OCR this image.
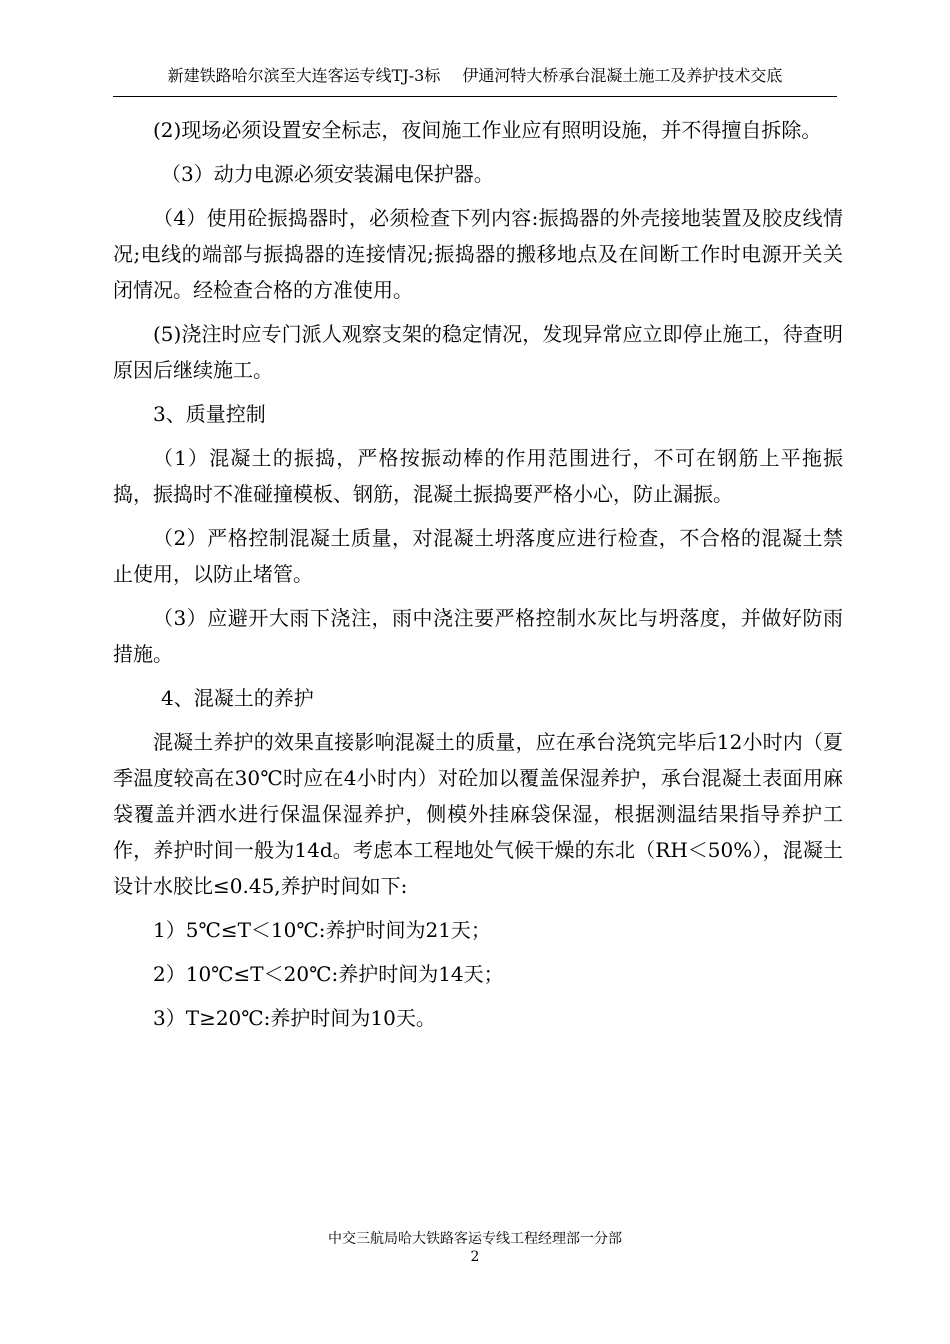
新建铁路哈尔滨至大连客运专线TJ-3标 伊通河特大桥承台混凝土施工及养护技术交底

(2)现场必须设置安全标志，夜间施工作业应有照明设施，并不得擅自拆除。

（3）动力电源必须安装漏电保护器。

（4）使用砼振捣器时，必须检查下列内容:振捣器的外壳接地装置及胶皮线情况;电线的端部与振捣器的连接情况;振捣器的搬移地点及在间断工作时电源开关关闭情况。经检查合格的方准使用。

(5)浇注时应专门派人观察支架的稳定情况，发现异常应立即停止施工，待查明原因后继续施工。

3、质量控制

（1）混凝土的振捣，严格按振动棒的作用范围进行，不可在钢筋上平拖振捣，振捣时不准碰撞模板、钢筋，混凝土振捣要严格小心，防止漏振。

（2）严格控制混凝土质量，对混凝土坍落度应进行检查，不合格的混凝土禁止使用，以防止堵管。

（3）应避开大雨下浇注，雨中浇注要严格控制水灰比与坍落度，并做好防雨措施。

4、混凝土的养护

混凝土养护的效果直接影响混凝土的质量，应在承台浇筑完毕后12小时内（夏季温度较高在30℃时应在4小时内）对砼加以覆盖保湿养护，承台混凝土表面用麻袋覆盖并洒水进行保温保湿养护，侧模外挂麻袋保湿，根据测温结果指导养护工作，养护时间一般为14d。考虑本工程地处气候干燥的东北（RH＜50%），混凝土设计水胶比≤0.45,养护时间如下:

1）5℃≤T＜10℃:养护时间为21天；

2）10℃≤T＜20℃:养护时间为14天；

3）T≥20℃:养护时间为10天。

中交三航局哈大铁路客运专线工程经理部一分部
2
